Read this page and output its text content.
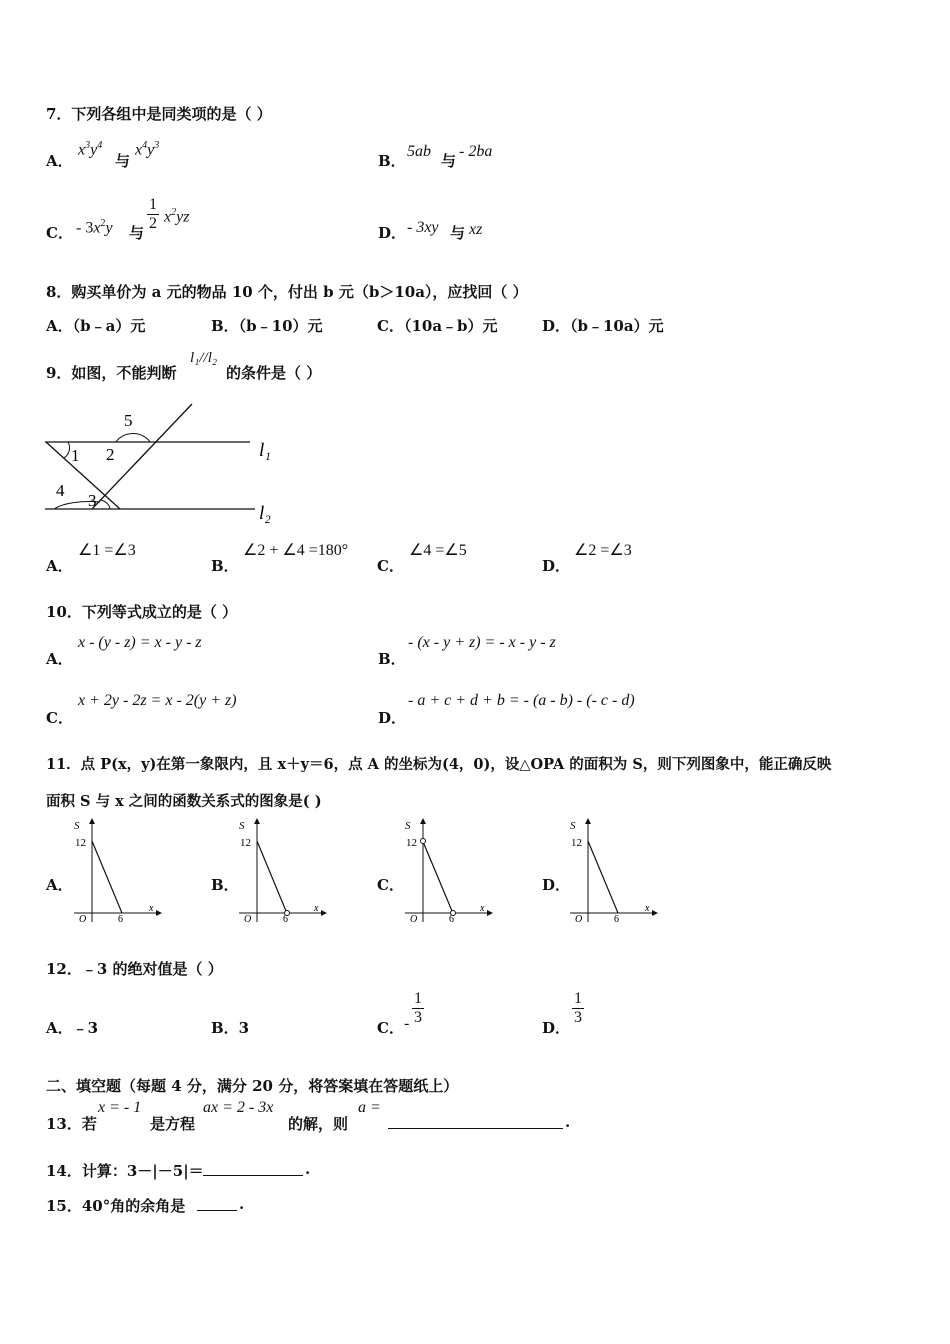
7．下列各组中是同类项的是（ ）
A．
$x^3y^4$
与
$x^4y^3$
B．
5ab
与
- 2ba
C． - $3x^2y$ 与
1
2 $x^2yz$
D． - 3xy 与 xz
8．购买单价为 a 元的物品 10 个，付出 b 元（b＞10a），应找回（ ）
A．（b﹣a）元	B．（b﹣10）元	C．（10a﹣b）元	D．（b﹣10a）元
9．如图，不能判断
l₁//l₂
的条件是（ ）
5
1 2
4
3
l₁
l₂
A．
∠1 =∠3
B．
∠2 + ∠4 =180°
C．
∠4 =∠5
D．
∠2 =∠3
10．下列等式成立的是（ ）
A．
x - (y - z) = x - y - z
B．
- (x - y + z) = - x - y - z
C．
x + 2y - 2z = x - 2(y + z)
D．
- a + c + d + b = - (a - b) - (- c - d)
11．点 P(x，y)在第一象限内，且 x＋y＝6，点 A 的坐标为(4，0)，设△OPA 的面积为 S，则下列图象中，能正确反映
面积 S 与 x 之间的函数关系式的图象是( )
A．	B．	C．	D．
S
12
O	6
x
S
12
O	6
x
S
12
O	6
x
S
12
O	6
x
12．﹣3 的绝对值是（ ）
A．﹣3	B．3	C． -
1
3
D．
1
3
二、填空题（每题 4 分，满分 20 分，将答案填在答题纸上）
13．若
x = - 1
是方程
ax = 2 - 3x
的解，则
a =
.
14．计算：3－|－5|＝	.
15．40°角的余角是	.
